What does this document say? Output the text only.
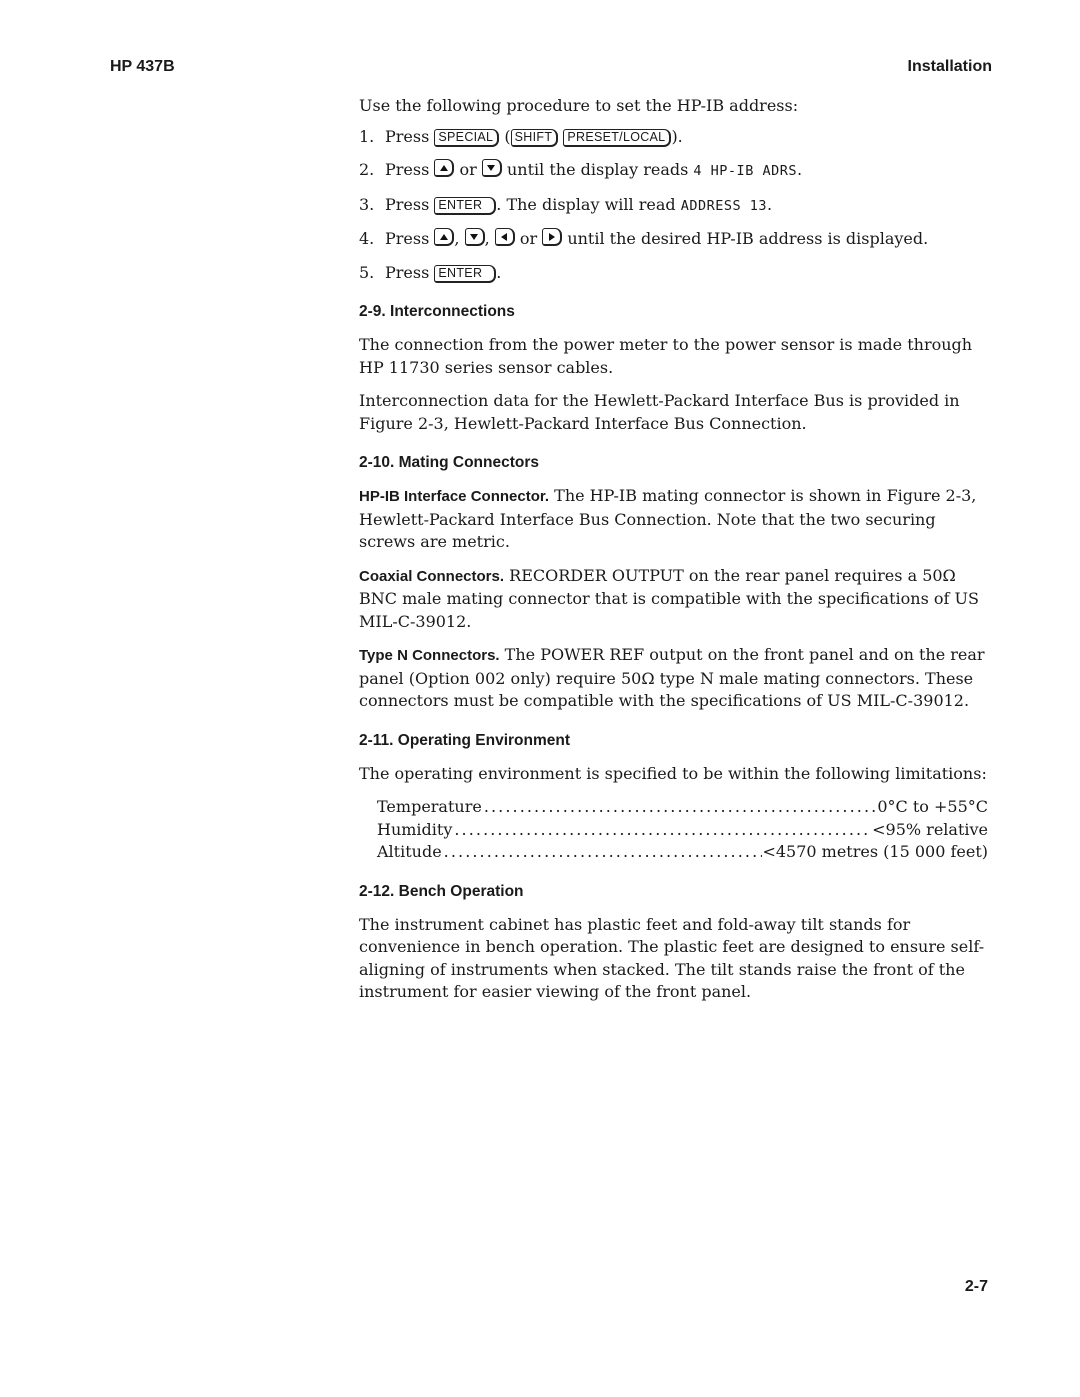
HP 437B	Installation

Use the following procedure to set the HP-IB address:

1. Press SPECIAL ( SHIFT PRESET/LOCAL ).
2. Press or until the display reads 4 HP-IB ADRS.
3. Press ENTER . The display will read ADDRESS 13.
4. Press , ,  or until the desired HP-IB address is displayed.
5. Press ENTER .
2-9. Interconnections

The connection from the power meter to the power sensor is made through HP 11730 series sensor cables.

Interconnection data for the Hewlett-Packard Interface Bus is provided in Figure 2-3, Hewlett-Packard Interface Bus Connection.

2-10. Mating Connectors

HP-IB Interface Connector. The HP-IB mating connector is shown in Figure 2-3, Hewlett-Packard Interface Bus Connection. Note that the two securing screws are metric.

Coaxial Connectors. RECORDER OUTPUT on the rear panel requires a 50Ω BNC male mating connector that is compatible with the specifications of US MIL-C-39012.

Type N Connectors. The POWER REF output on the front panel and on the rear panel (Option 002 only) require 50Ω type N male mating connectors. These connectors must be compatible with the specifications of US MIL-C-39012.

2-11. Operating Environment

The operating environment is specified to be within the following limitations:

Temperature . . .	0°C to +55°C
Humidity . . .	<95% relative
Altitude . . .	<4570 metres (15 000 feet)
2-12. Bench Operation

The instrument cabinet has plastic feet and fold-away tilt stands for convenience in bench operation. The plastic feet are designed to ensure self- aligning of instruments when stacked. The tilt stands raise the front of the instrument for easier viewing of the front panel.

2-7
